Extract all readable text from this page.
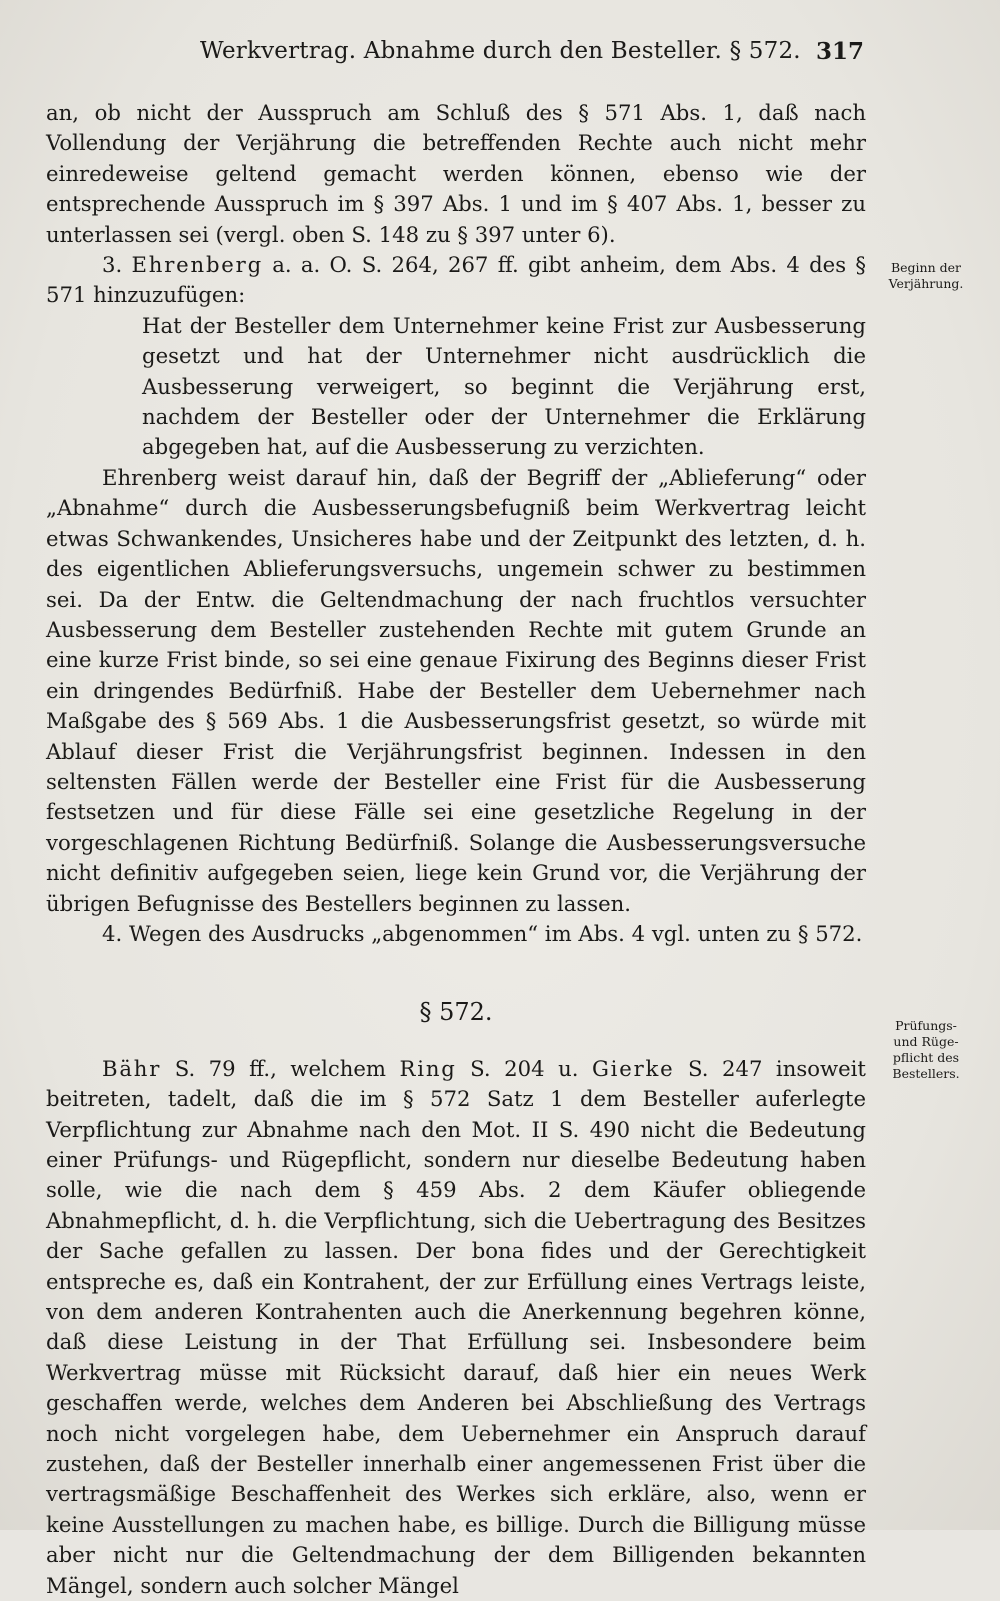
Werkvertrag. Abnahme durch den Besteller. § 572. 317

an, ob nicht der Ausspruch am Schluß des § 571 Abs. 1, daß nach Vollendung der Verjährung die betreffenden Rechte auch nicht mehr einredeweise geltend gemacht werden können, ebenso wie der entsprechende Ausspruch im § 397 Abs. 1 und im § 407 Abs. 1, besser zu unterlassen sei (vergl. oben S. 148 zu § 397 unter 6).

3. Ehrenberg a. a. O. S. 264, 267 ff. gibt anheim, dem Abs. 4 des § 571 hinzuzufügen:

Hat der Besteller dem Unternehmer keine Frist zur Ausbesserung gesetzt und hat der Unternehmer nicht ausdrücklich die Ausbesserung verweigert, so beginnt die Verjährung erst, nachdem der Besteller oder der Unternehmer die Erklärung abgegeben hat, auf die Ausbesserung zu verzichten.

Ehrenberg weist darauf hin, daß der Begriff der „Ablieferung“ oder „Abnahme“ durch die Ausbesserungsbefugniß beim Werkvertrag leicht etwas Schwankendes, Unsicheres habe und der Zeitpunkt des letzten, d. h. des eigentlichen Ablieferungsversuchs, ungemein schwer zu bestimmen sei. Da der Entw. die Geltendmachung der nach fruchtlos versuchter Ausbesserung dem Besteller zustehenden Rechte mit gutem Grunde an eine kurze Frist binde, so sei eine genaue Fixirung des Beginns dieser Frist ein dringendes Bedürfniß. Habe der Besteller dem Uebernehmer nach Maßgabe des § 569 Abs. 1 die Ausbesserungsfrist gesetzt, so würde mit Ablauf dieser Frist die Verjährungsfrist beginnen. Indessen in den seltensten Fällen werde der Besteller eine Frist für die Ausbesserung festsetzen und für diese Fälle sei eine gesetzliche Regelung in der vorgeschlagenen Richtung Bedürfniß. Solange die Ausbesserungsversuche nicht definitiv aufgegeben seien, liege kein Grund vor, die Verjährung der übrigen Befugnisse des Bestellers beginnen zu lassen.

4. Wegen des Ausdrucks „abgenommen“ im Abs. 4 vgl. unten zu § 572.

§ 572.

Bähr S. 79 ff., welchem Ring S. 204 u. Gierke S. 247 insoweit beitreten, tadelt, daß die im § 572 Satz 1 dem Besteller auferlegte Verpflichtung zur Abnahme nach den Mot. II S. 490 nicht die Bedeutung einer Prüfungs- und Rügepflicht, sondern nur dieselbe Bedeutung haben solle, wie die nach dem § 459 Abs. 2 dem Käufer obliegende Abnahmepflicht, d. h. die Verpflichtung, sich die Uebertragung des Besitzes der Sache gefallen zu lassen. Der bona fides und der Gerechtigkeit entspreche es, daß ein Kontrahent, der zur Erfüllung eines Vertrags leiste, von dem anderen Kontrahenten auch die Anerkennung begehren könne, daß diese Leistung in der That Erfüllung sei. Insbesondere beim Werkvertrag müsse mit Rücksicht darauf, daß hier ein neues Werk geschaffen werde, welches dem Anderen bei Abschließung des Vertrags noch nicht vorgelegen habe, dem Uebernehmer ein Anspruch darauf zustehen, daß der Besteller innerhalb einer angemessenen Frist über die vertragsmäßige Beschaffenheit des Werkes sich erkläre, also, wenn er keine Ausstellungen zu machen habe, es billige. Durch die Billigung müsse aber nicht nur die Geltendmachung der dem Billigenden bekannten Mängel, sondern auch solcher Mängel

Beginn der
Verjährung.
Prüfungs-
und Rüge-
pflicht des
Bestellers.
